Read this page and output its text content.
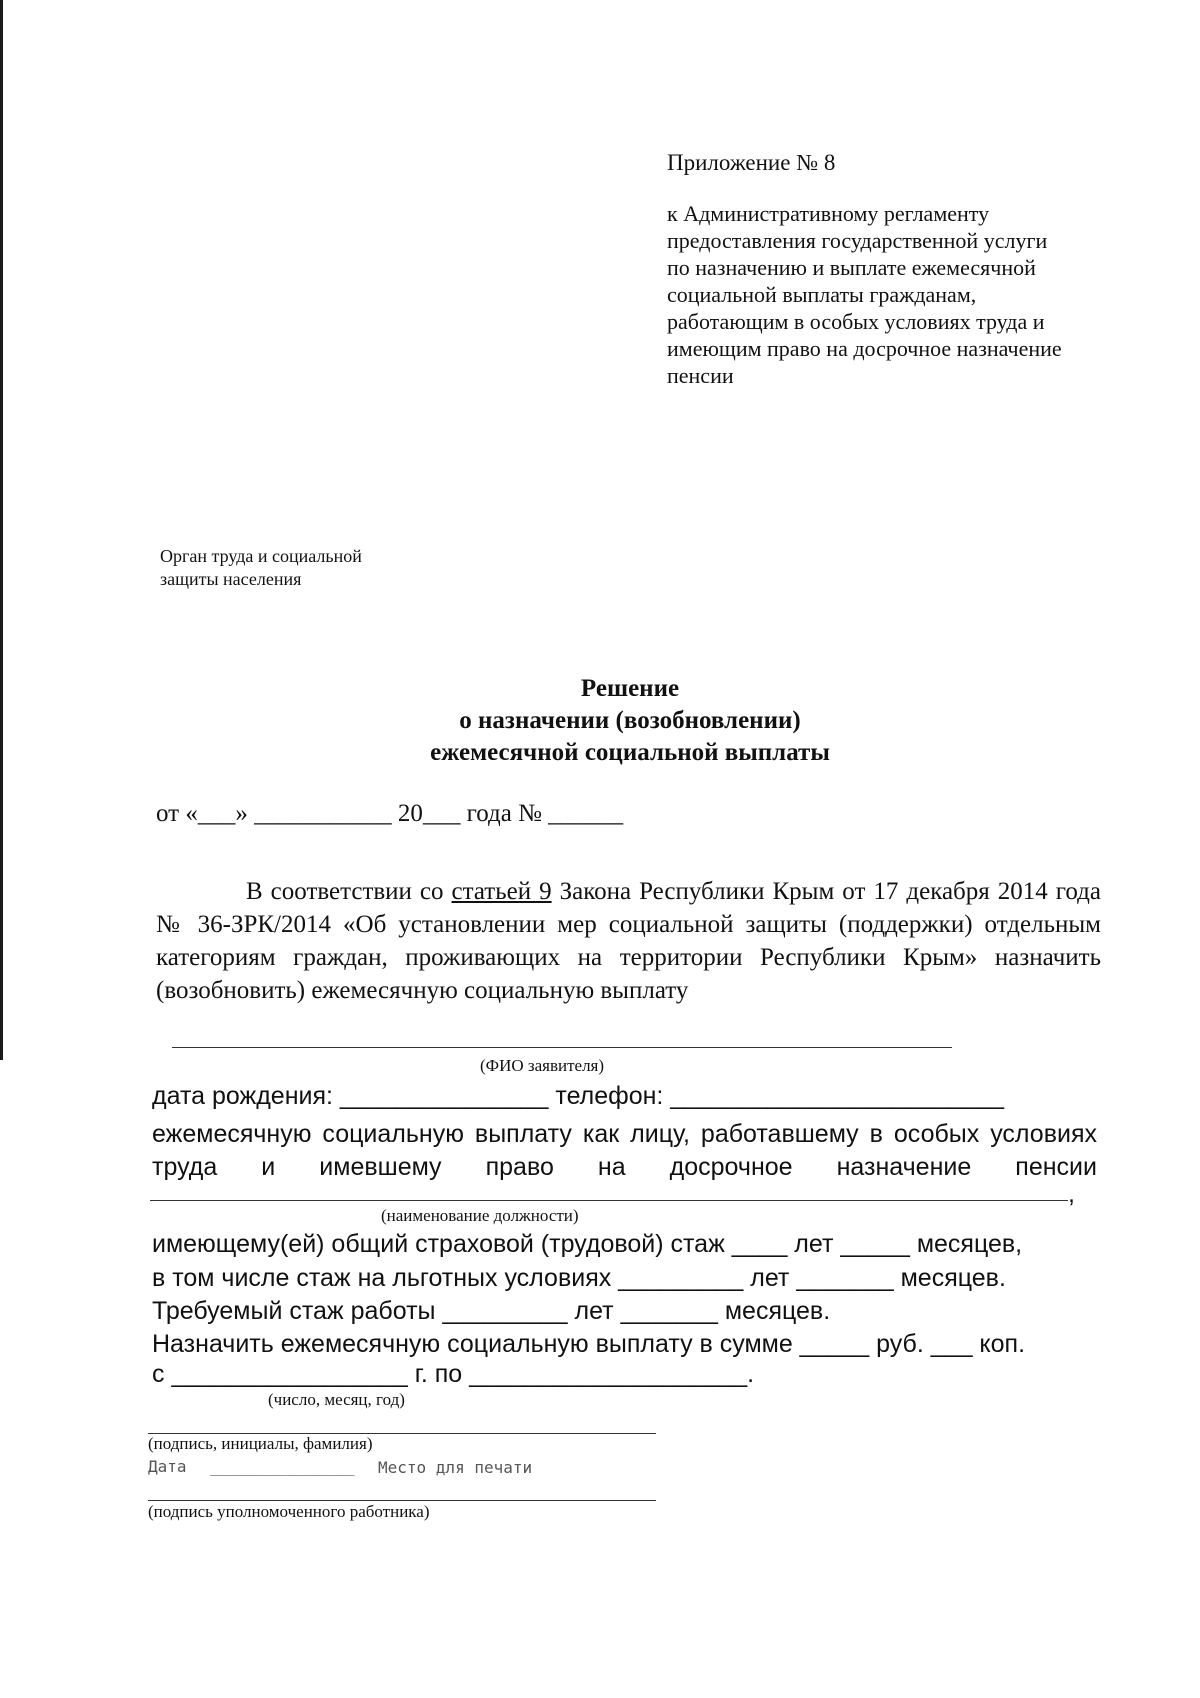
Приложение № 8
к Административному регламенту
предоставления государственной услуги
по назначению и выплате ежемесячной
социальной выплаты гражданам,
работающим в особых условиях труда и
имеющим право на досрочное назначение
пенсии
Орган труда и социальной
защиты населения
Решение
о назначении (возобновлении)
ежемесячной социальной выплаты
от «___» ___________ 20___ года № ______
В соответствии со статьей 9 Закона Республики Крым от 17 декабря 2014 года № 36-ЗРК/2014 «Об установлении мер социальной защиты (поддержки) отдельным категориям граждан, проживающих на территории Республики Крым» назначить (возобновить) ежемесячную социальную выплату
(ФИО заявителя)
дата рождения: _______________ телефон: ________________________
ежемесячную социальную выплату как лицу, работавшему в особых условиях труда и имевшему право на досрочное назначение пенсии
,
(наименование должности)
имеющему(ей) общий страховой (трудовой) стаж ____ лет _____ месяцев,
в том числе стаж на льготных условиях _________ лет _______ месяцев.
Требуемый стаж работы _________ лет _______ месяцев.
Назначить ежемесячную социальную выплату в сумме _____ руб. ___ коп.
с _________________ г. по ____________________.
(число, месяц, год)
(подпись, инициалы, фамилия)
Дата _______________ Место для печати
(подпись уполномоченного работника)
